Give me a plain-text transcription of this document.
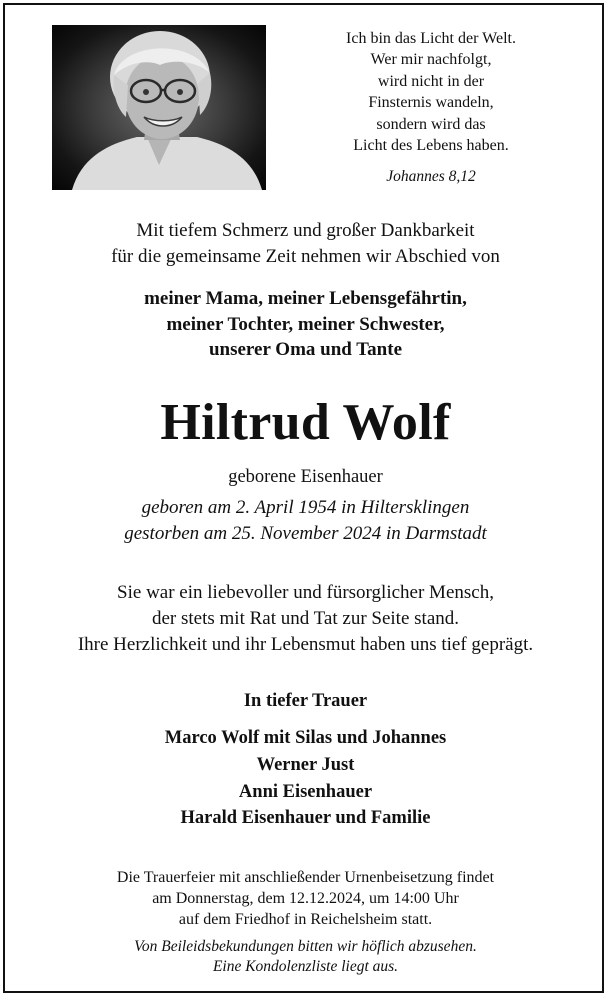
Ich bin das Licht der Welt.
Wer mir nachfolgt,
wird nicht in der
Finsternis wandeln,
sondern wird das
Licht des Lebens haben.
Johannes 8,12
Mit tiefem Schmerz und großer Dankbarkeit
für die gemeinsame Zeit nehmen wir Abschied von
meiner Mama, meiner Lebensgefährtin,
meiner Tochter, meiner Schwester,
unserer Oma und Tante
Hiltrud Wolf
geborene Eisenhauer
geboren am 2. April 1954 in Hiltersklingen
gestorben am 25. November 2024 in Darmstadt
Sie war ein liebevoller und fürsorglicher Mensch,
der stets mit Rat und Tat zur Seite stand.
Ihre Herzlichkeit und ihr Lebensmut haben uns tief geprägt.
In tiefer Trauer
Marco Wolf mit Silas und Johannes
Werner Just
Anni Eisenhauer
Harald Eisenhauer und Familie
Die Trauerfeier mit anschließender Urnenbeisetzung findet
am Donnerstag, dem 12.12.2024, um 14:00 Uhr
auf dem Friedhof in Reichelsheim statt.
Von Beileidsbekundungen bitten wir höflich abzusehen.
Eine Kondolenzliste liegt aus.
